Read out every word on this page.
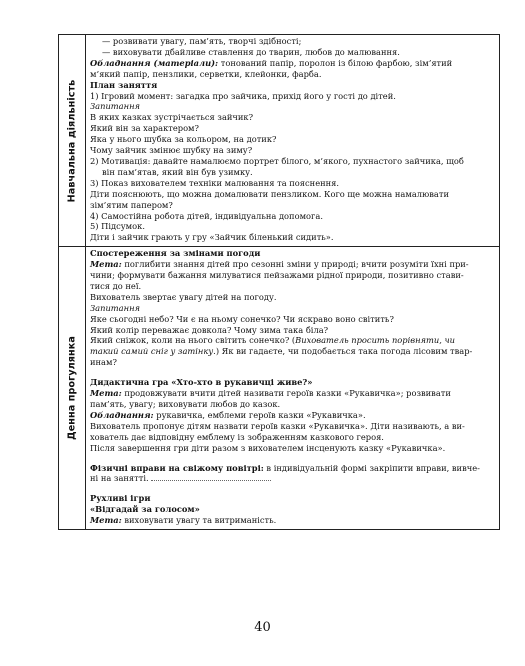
Навчальна діяльність

— розвивати увагу, пам’ять, творчі здібності;

— виховувати дбайливе ставлення до тварин, любов до малювання.

Обладнання (матеріали): тонований папір, поролон із білою фарбою, зім’ятий

м’який папір, пензлики, серветки, клейонки, фарба.

План заняття

1) Ігровий момент: загадка про зайчика, прихід його у гості до дітей.

Запитання

В яких казках зустрічається зайчик?

Який він за характером?

Яка у нього шубка за кольором, на дотик?

Чому зайчик змінює шубку на зиму?

2) Мотивація: давайте намалюємо портрет білого, м’якого, пухнастого зайчика, щоб

він пам’ятав, який він був узимку.

3) Показ вихователем техніки малювання та пояснення.

Діти пояснюють, що можна домалювати пензликом. Кого ще можна намалювати

зім’ятим папером?

4) Самостійна робота дітей, індивідуальна допомога.

5) Підсумок.

Діти і зайчик грають у гру «Зайчик біленький сидить».

Денна прогулянка

Спостереження за змінами погоди

Мета: поглибити знання дітей про сезонні зміни у природі; вчити розуміти їхні при-

чини; формувати бажання милуватися пейзажами рідної природи, позитивно стави-

тися до неї.

Вихователь звертає увагу дітей на погоду.

Запитання

Яке сьогодні небо? Чи є на ньому сонечко? Чи яскраво воно світить?

Який колір переважає довкола? Чому зима така біла?

Який сніжок, коли на нього світить сонечко? (Вихователь просить порівняти, чи

такий самий сніг у затінку.) Як ви гадаєте, чи подобається така погода лісовим твар-

инам?

Дидактична гра «Хто-хто в рукавичці живе?»

Мета: продовжувати вчити дітей називати героїв казки «Рукавичка»; розвивати

пам’ять, увагу; виховувати любов до казок.

Обладнання: рукавичка, емблеми героїв казки «Рукавичка».

Вихователь пропонує дітям назвати героїв казки «Рукавичка». Діти називають, а ви-

хователь дає відповідну емблему із зображенням казкового героя.

Після завершення гри діти разом з вихователем інсценують казку «Рукавичка».

Фізичні вправи на свіжому повітрі: в індивідуальній формі закріпити вправи, вивче-

ні на занятті.

Рухливі ігри

«Відгадай за голосом»

Мета: виховувати увагу та витриманість.

40
